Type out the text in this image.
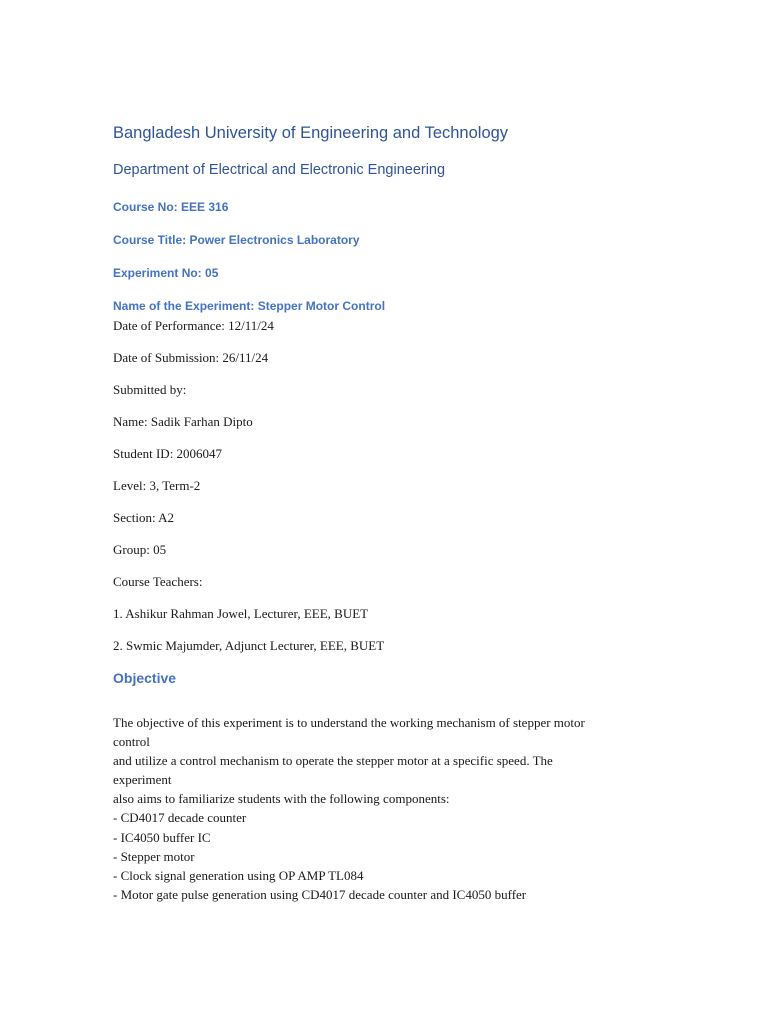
Bangladesh University of Engineering and Technology
Department of Electrical and Electronic Engineering
Course No: EEE 316
Course Title: Power Electronics Laboratory
Experiment No: 05
Name of the Experiment: Stepper Motor Control
Date of Performance: 12/11/24
Date of Submission: 26/11/24
Submitted by:
Name: Sadik Farhan Dipto
Student ID: 2006047
Level: 3, Term-2
Section: A2
Group: 05
Course Teachers:
1. Ashikur Rahman Jowel, Lecturer, EEE, BUET
2. Swmic Majumder, Adjunct Lecturer, EEE, BUET
Objective
The objective of this experiment is to understand the working mechanism of stepper motor
control
and utilize a control mechanism to operate the stepper motor at a specific speed. The
experiment
also aims to familiarize students with the following components:
- CD4017 decade counter
- IC4050 buffer IC
- Stepper motor
- Clock signal generation using OP AMP TL084
- Motor gate pulse generation using CD4017 decade counter and IC4050 buffer
